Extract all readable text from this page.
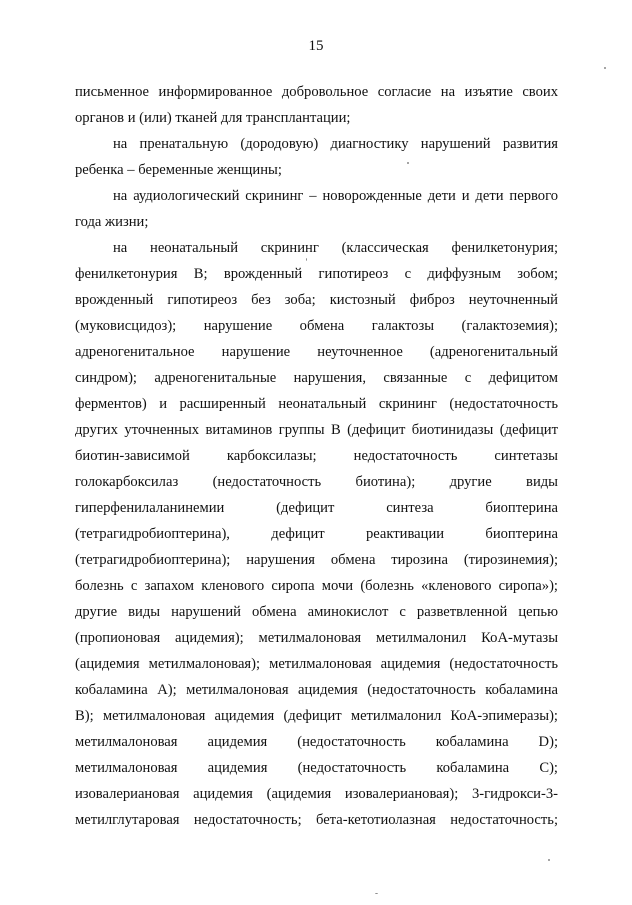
15
письменное информированное добровольное согласие на изъятие своих
органов и (или) тканей для трансплантации;
на пренатальную (дородовую) диагностику нарушений развития
ребенка – беременные женщины;
на аудиологический скрининг – новорожденные дети и дети первого
года жизни;
на неонатальный скрининг (классическая фенилкетонурия;
фенилкетонурия В; врожденный гипотиреоз с диффузным зобом;
врожденный гипотиреоз без зоба; кистозный фиброз неуточненный
(муковисцидоз); нарушение обмена галактозы (галактоземия);
адреногенитальное нарушение неуточненное (адреногенитальный
синдром); адреногенитальные нарушения, связанные с дефицитом
ферментов) и расширенный неонатальный скрининг (недостаточность
других уточненных витаминов группы В (дефицит биотинидазы (дефицит
биотин-зависимой карбоксилазы; недостаточность синтетазы
голокарбоксилаз (недостаточность биотина); другие виды
гиперфенилаланинемии (дефицит синтеза биоптерина
(тетрагидробиоптерина), дефицит реактивации биоптерина
(тетрагидробиоптерина); нарушения обмена тирозина (тирозинемия);
болезнь с запахом кленового сиропа мочи (болезнь «кленового сиропа»);
другие виды нарушений обмена аминокислот с разветвленной цепью
(пропионовая ацидемия); метилмалоновая метилмалонил КоА-мутазы
(ацидемия метилмалоновая); метилмалоновая ацидемия (недостаточность
кобаламина А); метилмалоновая ацидемия (недостаточность кобаламина
В); метилмалоновая ацидемия (дефицит метилмалонил КоА-эпимеразы);
метилмалоновая ацидемия (недостаточность кобаламина D);
метилмалоновая ацидемия (недостаточность кобаламина С);
изовалериановая ацидемия (ацидемия изовалериановая); 3-гидрокси-3-
метилглутаровая недостаточность; бета-кетотиолазная недостаточность;
